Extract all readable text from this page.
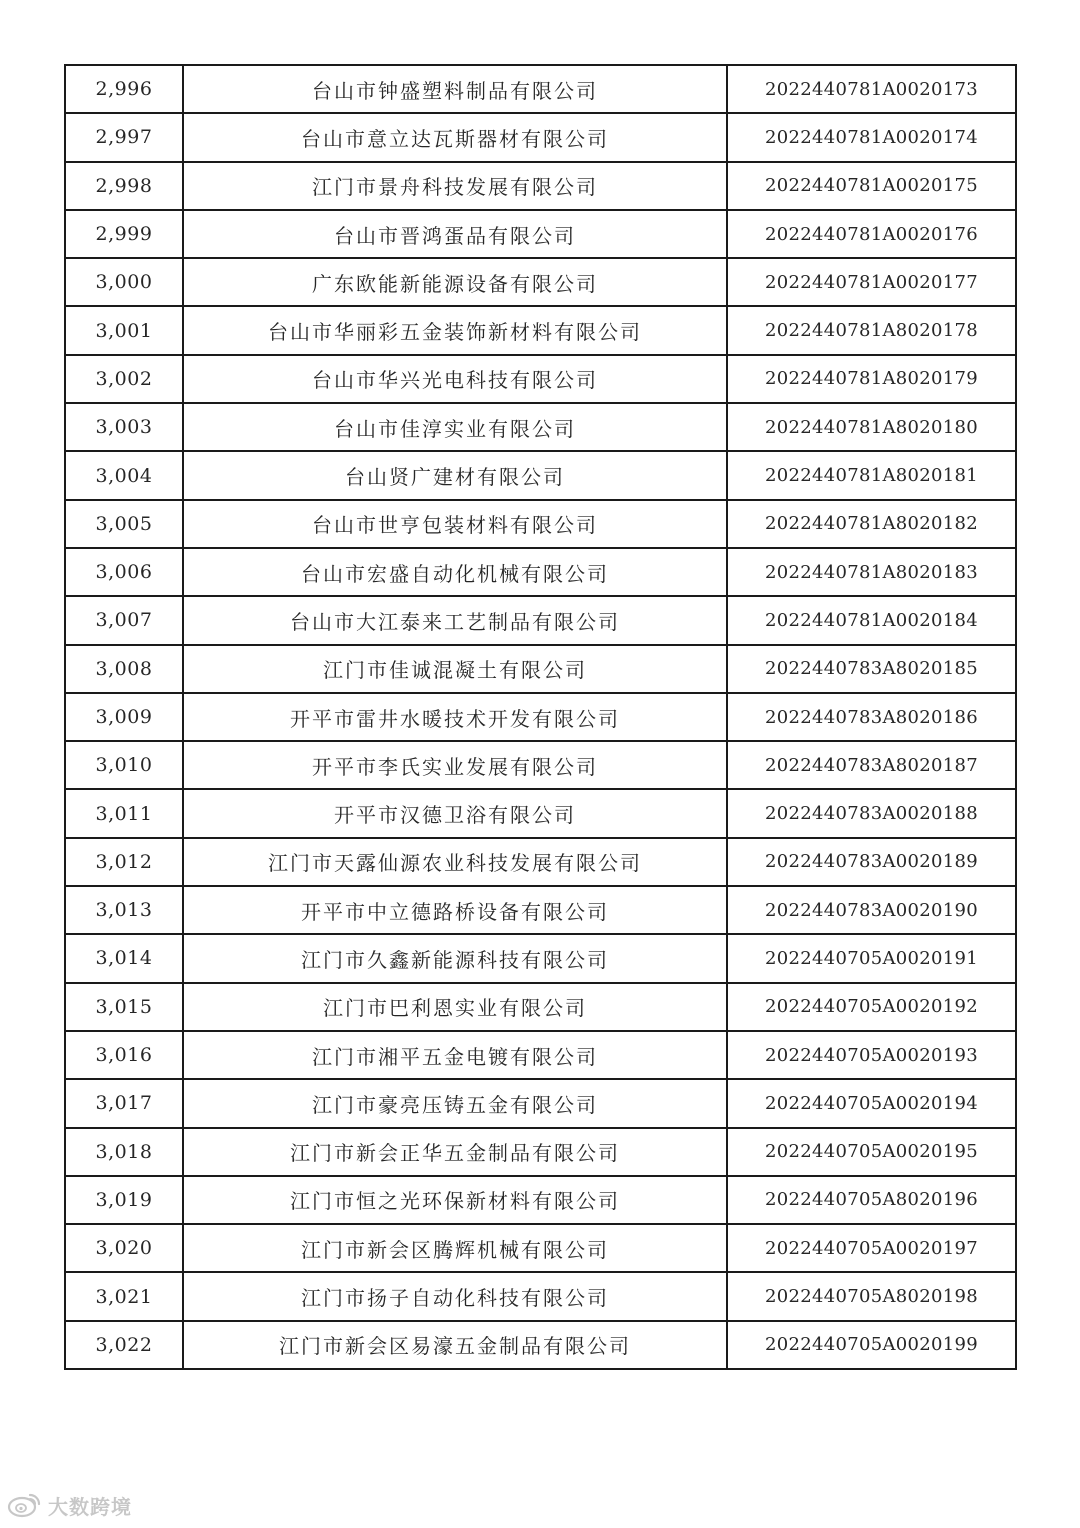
2,996	台山市钟盛塑料制品有限公司	2022440781A0020173
2,997	台山市意立达瓦斯器材有限公司	2022440781A0020174
2,998	江门市景舟科技发展有限公司	2022440781A0020175
2,999	台山市晋鸿蛋品有限公司	2022440781A0020176
3,000	广东欧能新能源设备有限公司	2022440781A0020177
3,001	台山市华丽彩五金装饰新材料有限公司	2022440781A8020178
3,002	台山市华兴光电科技有限公司	2022440781A8020179
3,003	台山市佳淳实业有限公司	2022440781A8020180
3,004	台山贤广建材有限公司	2022440781A8020181
3,005	台山市世亨包装材料有限公司	2022440781A8020182
3,006	台山市宏盛自动化机械有限公司	2022440781A8020183
3,007	台山市大江泰来工艺制品有限公司	2022440781A0020184
3,008	江门市佳诚混凝土有限公司	2022440783A8020185
3,009	开平市雷井水暖技术开发有限公司	2022440783A8020186
3,010	开平市李氏实业发展有限公司	2022440783A8020187
3,011	开平市汉德卫浴有限公司	2022440783A0020188
3,012	江门市天露仙源农业科技发展有限公司	2022440783A0020189
3,013	开平市中立德路桥设备有限公司	2022440783A0020190
3,014	江门市久鑫新能源科技有限公司	2022440705A0020191
3,015	江门市巴利恩实业有限公司	2022440705A0020192
3,016	江门市湘平五金电镀有限公司	2022440705A0020193
3,017	江门市豪亮压铸五金有限公司	2022440705A0020194
3,018	江门市新会正华五金制品有限公司	2022440705A0020195
3,019	江门市恒之光环保新材料有限公司	2022440705A8020196
3,020	江门市新会区腾辉机械有限公司	2022440705A0020197
3,021	江门市扬子自动化科技有限公司	2022440705A8020198
3,022	江门市新会区易濠五金制品有限公司	2022440705A0020199
大数跨境
